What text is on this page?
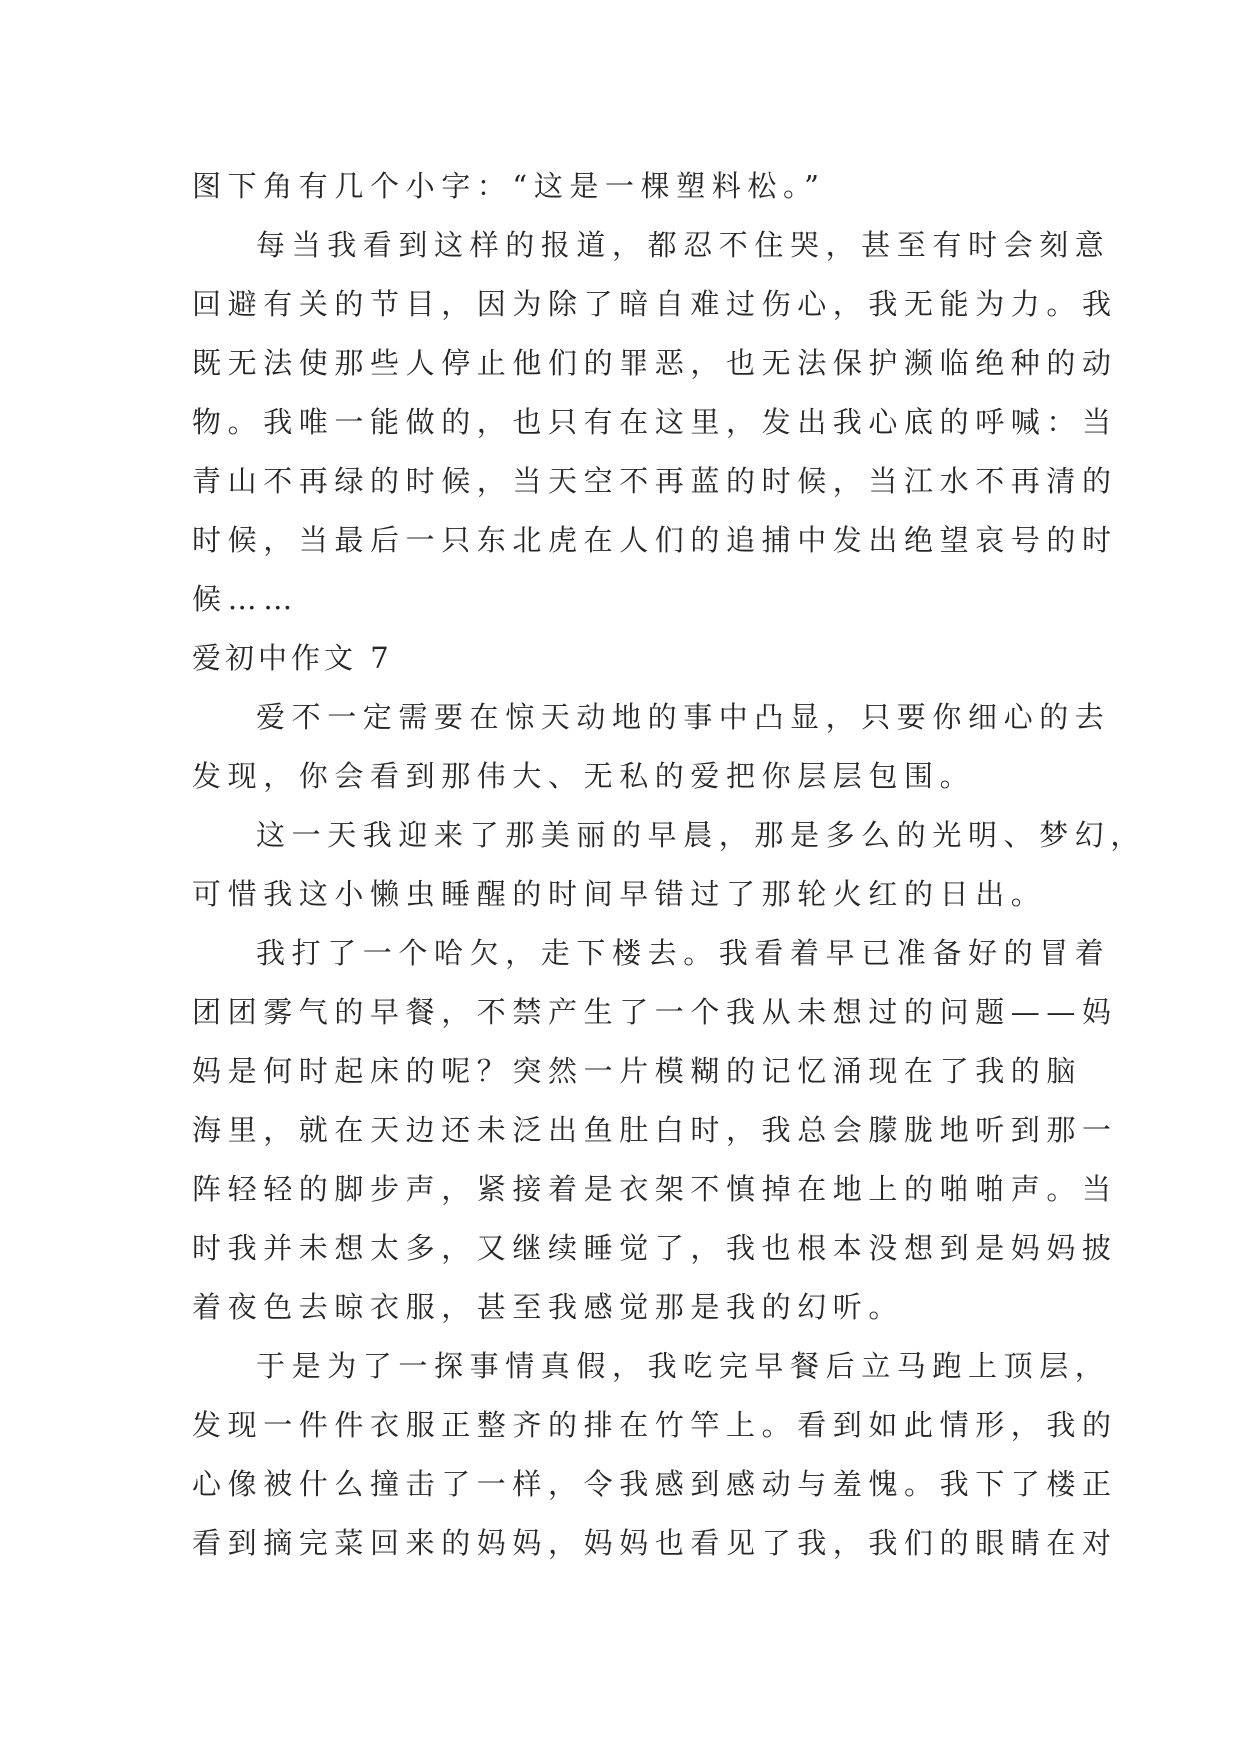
图下角有几个小字：“这是一棵塑料松。”
每当我看到这样的报道，都忍不住哭，甚至有时会刻意
回避有关的节目，因为除了暗自难过伤心，我无能为力。我
既无法使那些人停止他们的罪恶，也无法保护濒临绝种的动
物。我唯一能做的，也只有在这里，发出我心底的呼喊：当
青山不再绿的时候，当天空不再蓝的时候，当江水不再清的
时候，当最后一只东北虎在人们的追捕中发出绝望哀号的时
候……
爱初中作文 7
爱不一定需要在惊天动地的事中凸显，只要你细心的去
发现，你会看到那伟大、无私的爱把你层层包围。
这一天我迎来了那美丽的早晨，那是多么的光明、梦幻，
可惜我这小懒虫睡醒的时间早错过了那轮火红的日出。
我打了一个哈欠，走下楼去。我看着早已准备好的冒着
团团雾气的早餐，不禁产生了一个我从未想过的问题——妈
妈是何时起床的呢？突然一片模糊的记忆涌现在了我的脑
海里，就在天边还未泛出鱼肚白时，我总会朦胧地听到那一
阵轻轻的脚步声，紧接着是衣架不慎掉在地上的啪啪声。当
时我并未想太多，又继续睡觉了，我也根本没想到是妈妈披
着夜色去晾衣服，甚至我感觉那是我的幻听。
于是为了一探事情真假，我吃完早餐后立马跑上顶层，
发现一件件衣服正整齐的排在竹竿上。看到如此情形，我的
心像被什么撞击了一样，令我感到感动与羞愧。我下了楼正
看到摘完菜回来的妈妈，妈妈也看见了我，我们的眼睛在对
